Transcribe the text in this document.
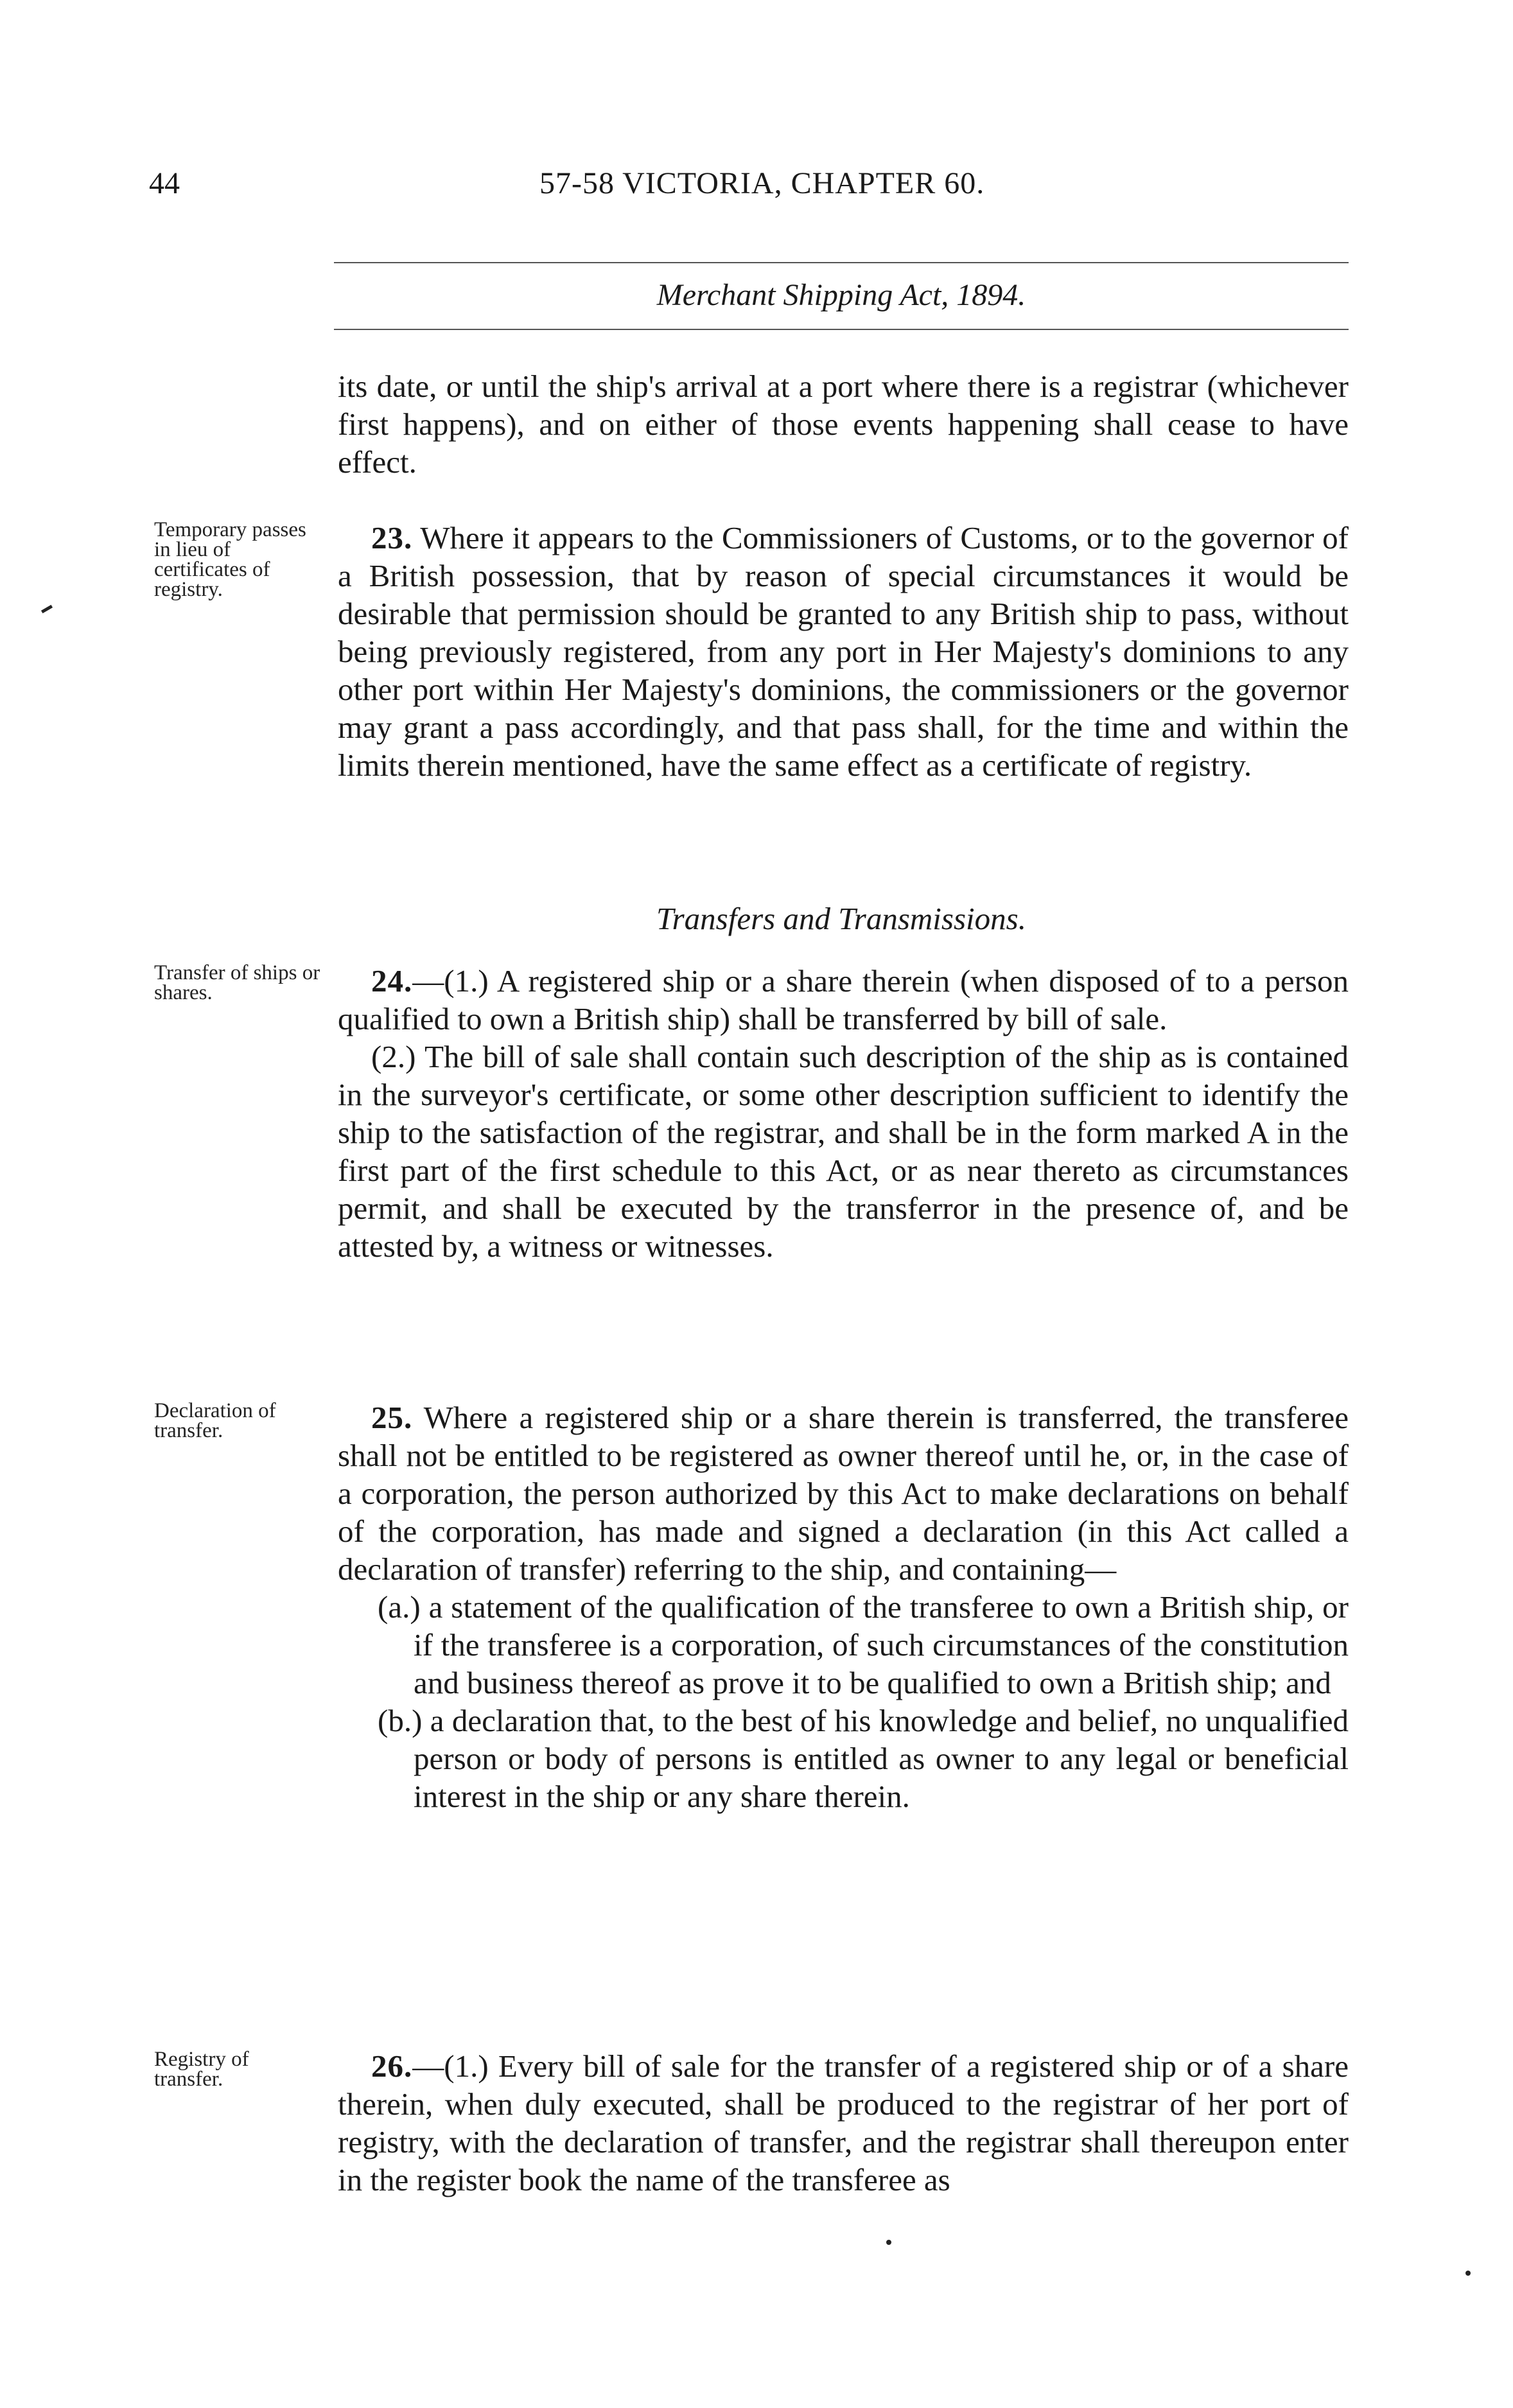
44	57-58 VICTORIA, CHAPTER 60.
Merchant Shipping Act, 1894.

its date, or until the ship's arrival at a port where there is a registrar (whichever first happens), and on either of those events happening shall cease to have effect.

Temporary passes in lieu of certificates of registry.

23. Where it appears to the Commissioners of Customs, or to the governor of a British possession, that by reason of special circumstances it would be desirable that permission should be granted to any British ship to pass, without being previously registered, from any port in Her Majesty's dominions to any other port within Her Majesty's dominions, the commissioners or the governor may grant a pass accordingly, and that pass shall, for the time and within the limits therein mentioned, have the same effect as a certificate of registry.

Transfers and Transmissions.
Transfer of ships or shares.	24.—(1.) A registered ship or a share therein (when disposed of to a person qualified to own a British ship) shall be transferred by bill of sale.

(2.) The bill of sale shall contain such description of the ship as is contained in the surveyor's certificate, or some other description sufficient to identify the ship to the satisfaction of the registrar, and shall be in the form marked A in the first part of the first schedule to this Act, or as near thereto as circumstances permit, and shall be executed by the transferror in the presence of, and be attested by, a witness or witnesses.

Declaration of transfer.	25. Where a registered ship or a share therein is transferred, the transferee shall not be entitled to be registered as owner thereof until he, or, in the case of a corporation, the person authorized by this Act to make declarations on behalf of the corporation, has made and signed a declaration (in this Act called a declaration of transfer) referring to the ship, and containing—

(a.) a statement of the qualification of the transferee to own a British ship, or if the transferee is a corporation, of such circumstances of the constitution and business thereof as prove it to be qualified to own a British ship; and

(b.) a declaration that, to the best of his knowledge and belief, no unqualified person or body of persons is entitled as owner to any legal or beneficial interest in the ship or any share therein.

Registry of transfer.	26.—(1.) Every bill of sale for the transfer of a registered ship or of a share therein, when duly executed, shall be produced to the registrar of her port of registry, with the declaration of transfer, and the registrar shall thereupon enter in the register book the name of the transferee as
